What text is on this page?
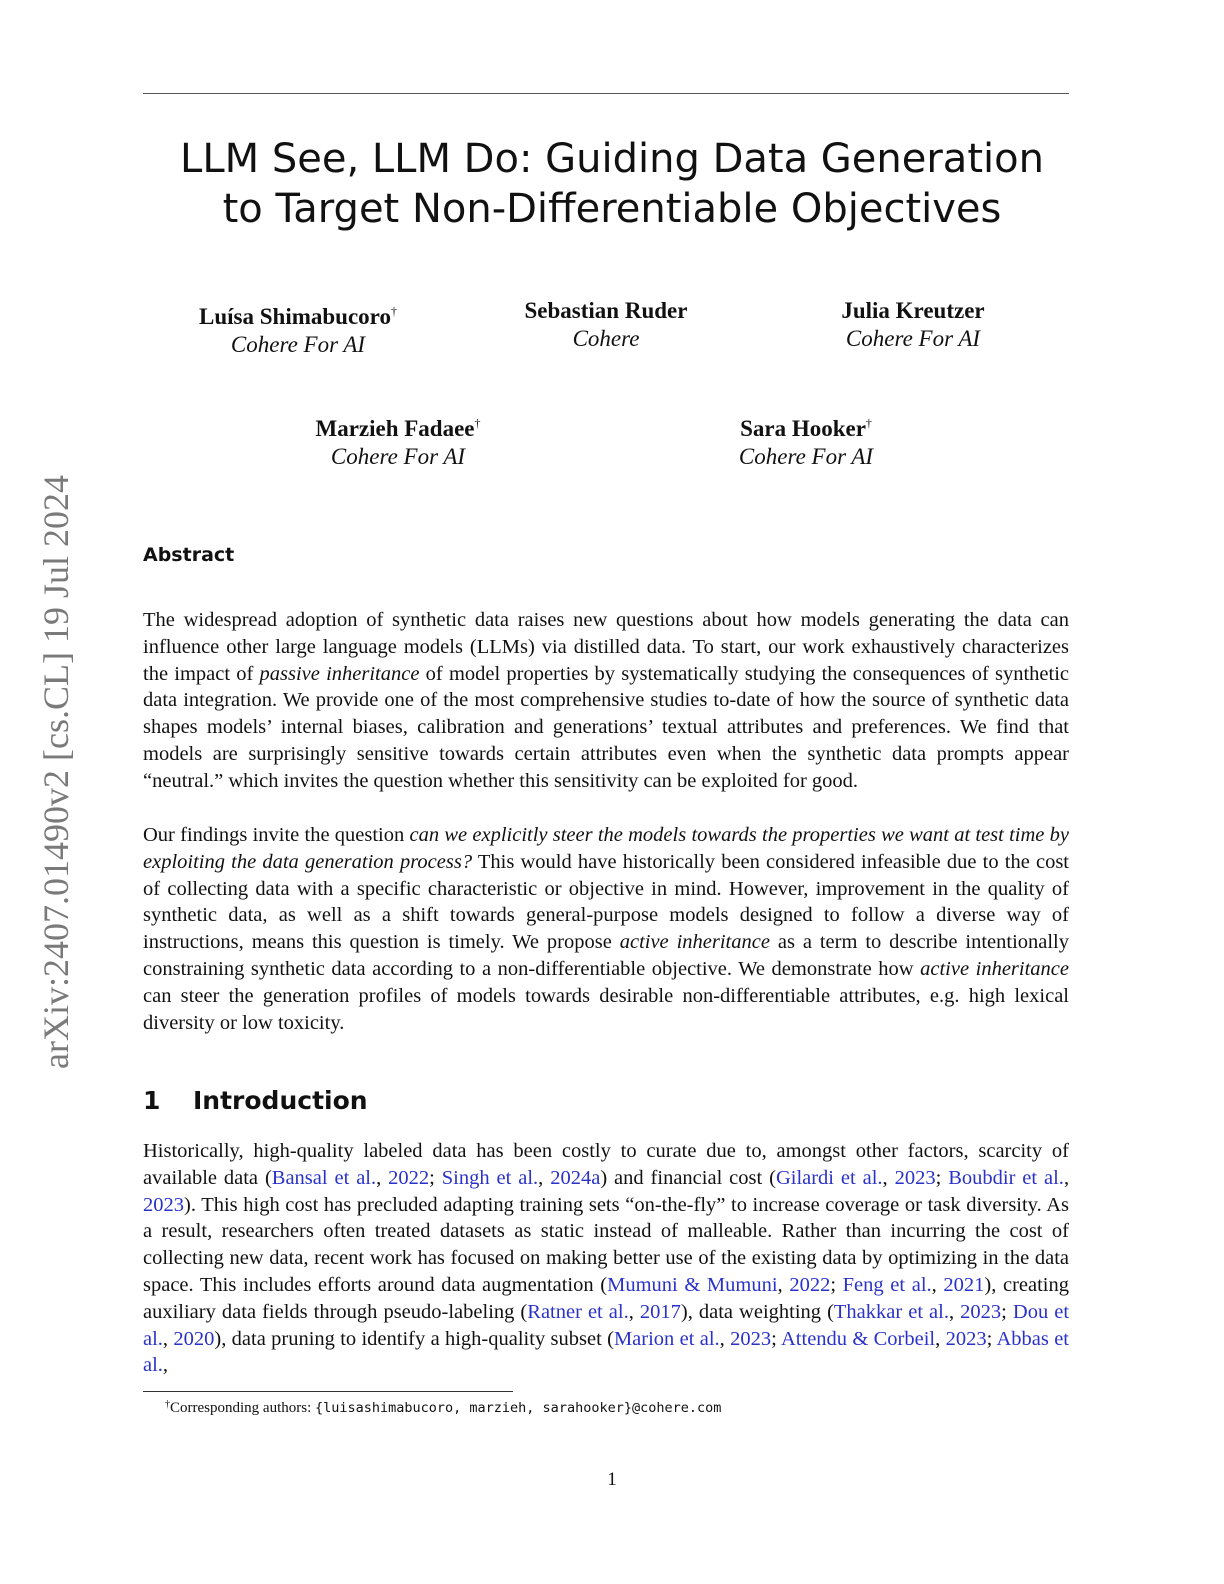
arXiv:2407.01490v2 [cs.CL] 19 Jul 2024
LLM See, LLM Do: Guiding Data Generation
to Target Non-Differentiable Objectives
Luísa Shimabucoro†
Cohere For AI
Sebastian Ruder
Cohere
Julia Kreutzer
Cohere For AI
Marzieh Fadaee†
Cohere For AI
Sara Hooker†
Cohere For AI
Abstract
The widespread adoption of synthetic data raises new questions about how models generating the data can influence other large language models (LLMs) via distilled data. To start, our work exhaustively characterizes the impact of passive inheritance of model properties by systematically studying the consequences of synthetic data integration. We provide one of the most comprehensive studies to-date of how the source of synthetic data shapes models’ internal biases, calibration and generations’ textual attributes and preferences. We find that models are surprisingly sensitive towards certain attributes even when the synthetic data prompts appear “neutral.” which invites the question whether this sensitivity can be exploited for good.
Our findings invite the question can we explicitly steer the models towards the properties we want at test time by exploiting the data generation process? This would have historically been considered infeasible due to the cost of collecting data with a specific characteristic or objective in mind. However, improvement in the quality of synthetic data, as well as a shift towards general-purpose models designed to follow a diverse way of instructions, means this question is timely. We propose active inheritance as a term to describe intentionally constraining synthetic data according to a non-differentiable objective. We demonstrate how active inheritance can steer the generation profiles of models towards desirable non-differentiable attributes, e.g. high lexical diversity or low toxicity.
1 Introduction
Historically, high-quality labeled data has been costly to curate due to, amongst other factors, scarcity of available data (Bansal et al., 2022; Singh et al., 2024a) and financial cost (Gilardi et al., 2023; Boubdir et al., 2023). This high cost has precluded adapting training sets “on-the-fly” to increase coverage or task diversity. As a result, researchers often treated datasets as static instead of malleable. Rather than incurring the cost of collecting new data, recent work has focused on making better use of the existing data by optimizing in the data space. This includes efforts around data augmentation (Mumuni & Mumuni, 2022; Feng et al., 2021), creating auxiliary data fields through pseudo-labeling (Ratner et al., 2017), data weighting (Thakkar et al., 2023; Dou et al., 2020), data pruning to identify a high-quality subset (Marion et al., 2023; Attendu & Corbeil, 2023; Abbas et al.,
†Corresponding authors: {luisashimabucoro, marzieh, sarahooker}@cohere.com
1
